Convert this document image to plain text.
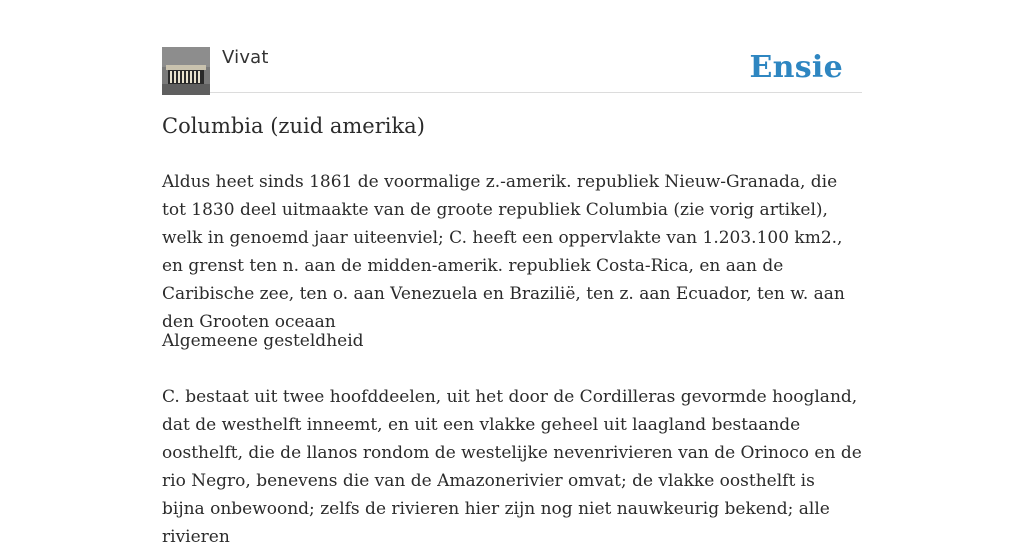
Vivat	Ensie
Columbia (zuid amerika)

Aldus heet sinds 1861 de voormalige z.-amerik. republiek Nieuw-Granada, die tot 1830 deel uitmaakte van de groote republiek Columbia (zie vorig artikel), welk in genoemd jaar uiteenviel; C. heeft een oppervlakte van 1.203.100 km2., en grenst ten n. aan de midden-amerik. republiek Costa-Rica, en aan de Caribische zee, ten o. aan Venezuela en Brazilië, ten z. aan Ecuador, ten w. aan den Grooten oceaan

Algemeene gesteldheid

C. bestaat uit twee hoofddeelen, uit het door de Cordilleras gevormde hoogland, dat de westhelft inneemt, en uit een vlakke geheel uit laagland bestaande oosthelft, die de llanos rondom de westelijke nevenrivieren van de Orinoco en de rio Negro, benevens die van de Amazonerivier omvat; de vlakke oosthelft is bijna onbewoond; zelfs de rivieren hier zijn nog niet nauwkeurig bekend; alle rivieren
